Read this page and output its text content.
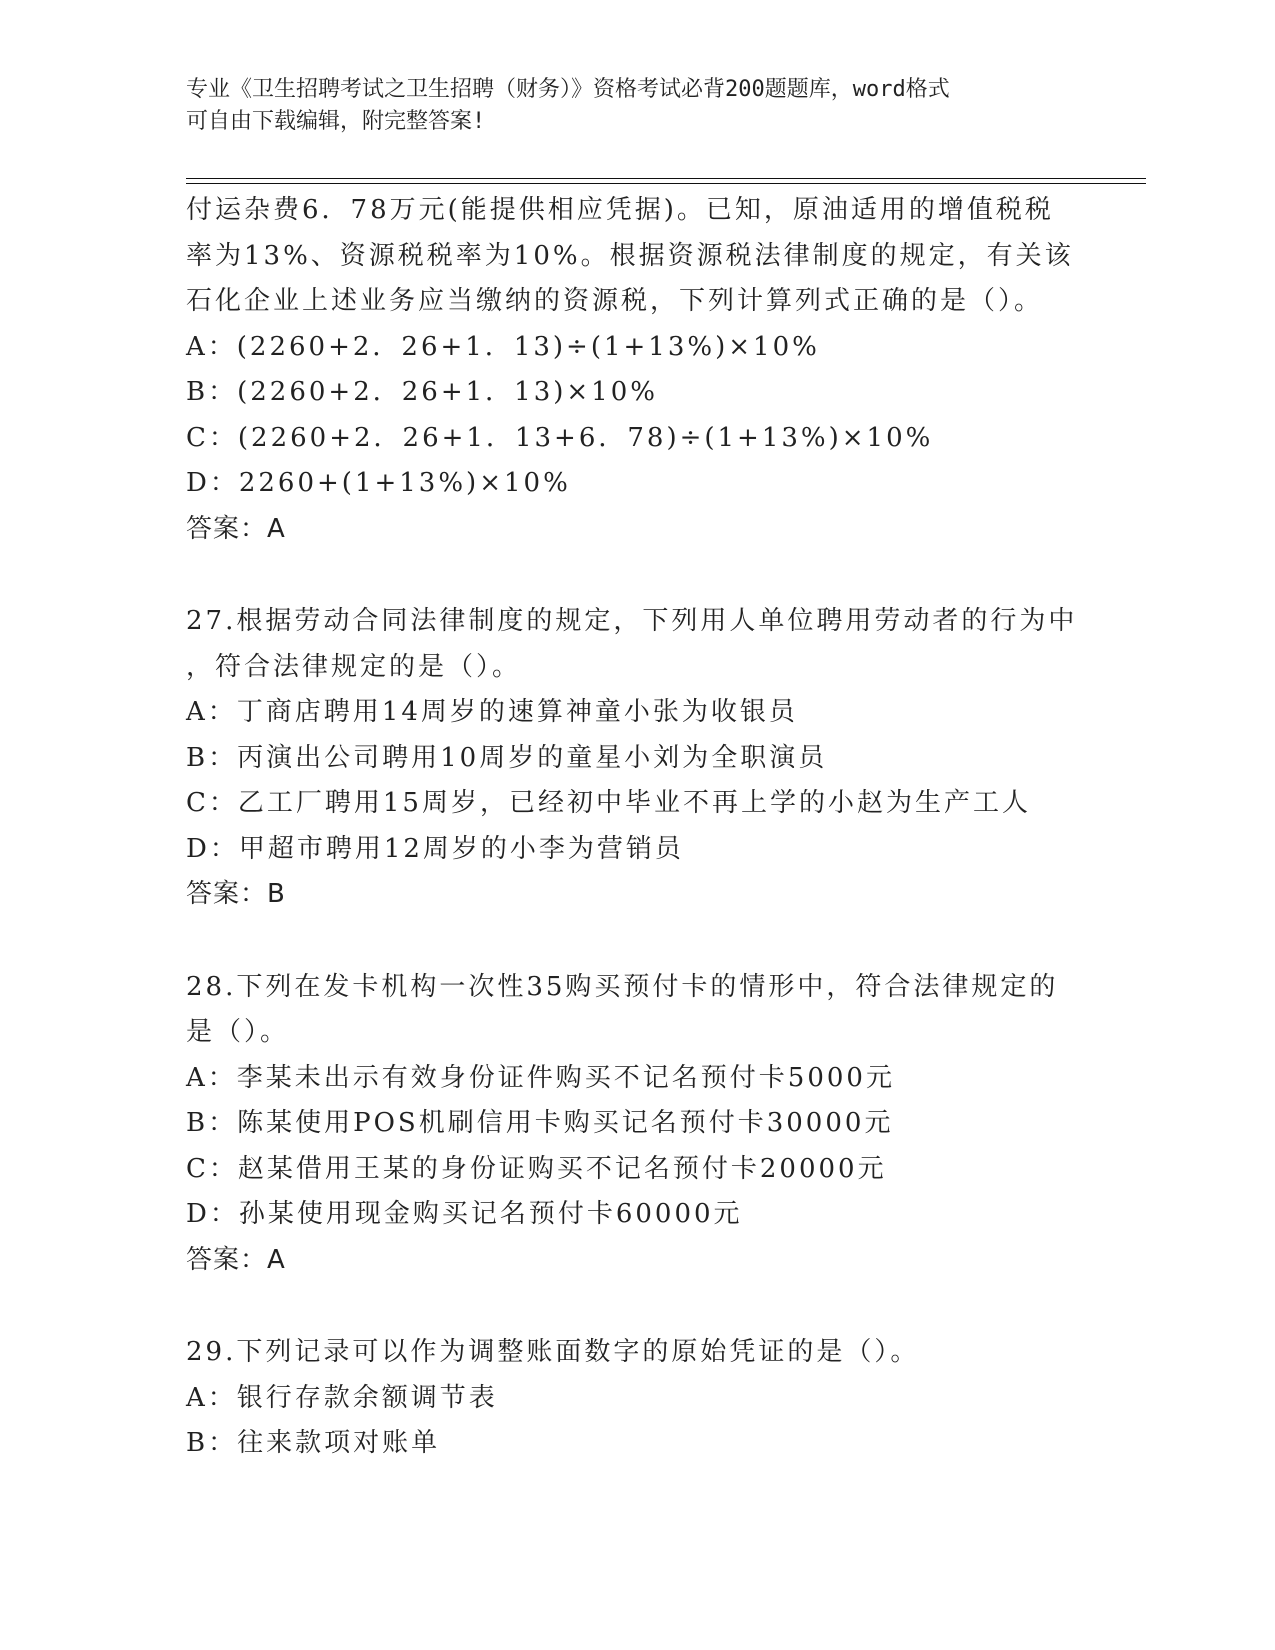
专业《卫生招聘考试之卫生招聘（财务）》资格考试必背200题题库，word格式
可自由下载编辑，附完整答案!
付运杂费6．78万元(能提供相应凭据)。已知，原油适用的增值税税
率为13%、资源税税率为10%。根据资源税法律制度的规定，有关该
石化企业上述业务应当缴纳的资源税，下列计算列式正确的是（）。
A：(2260+2．26+1．13)÷(1+13%)×10%
B：(2260+2．26+1．13)×10%
C：(2260+2．26+1．13+6．78)÷(1+13%)×10%
D：2260+(1+13%)×10%
答案：A
27.根据劳动合同法律制度的规定，下列用人单位聘用劳动者的行为中
，符合法律规定的是（）。
A：丁商店聘用14周岁的速算神童小张为收银员
B：丙演出公司聘用10周岁的童星小刘为全职演员
C：乙工厂聘用15周岁，已经初中毕业不再上学的小赵为生产工人
D：甲超市聘用12周岁的小李为营销员
答案：B
28.下列在发卡机构一次性35购买预付卡的情形中，符合法律规定的
是（）。
A：李某未出示有效身份证件购买不记名预付卡5000元
B：陈某使用POS机刷信用卡购买记名预付卡30000元
C：赵某借用王某的身份证购买不记名预付卡20000元
D：孙某使用现金购买记名预付卡60000元
答案：A
29.下列记录可以作为调整账面数字的原始凭证的是（）。
A：银行存款余额调节表
B：往来款项对账单
